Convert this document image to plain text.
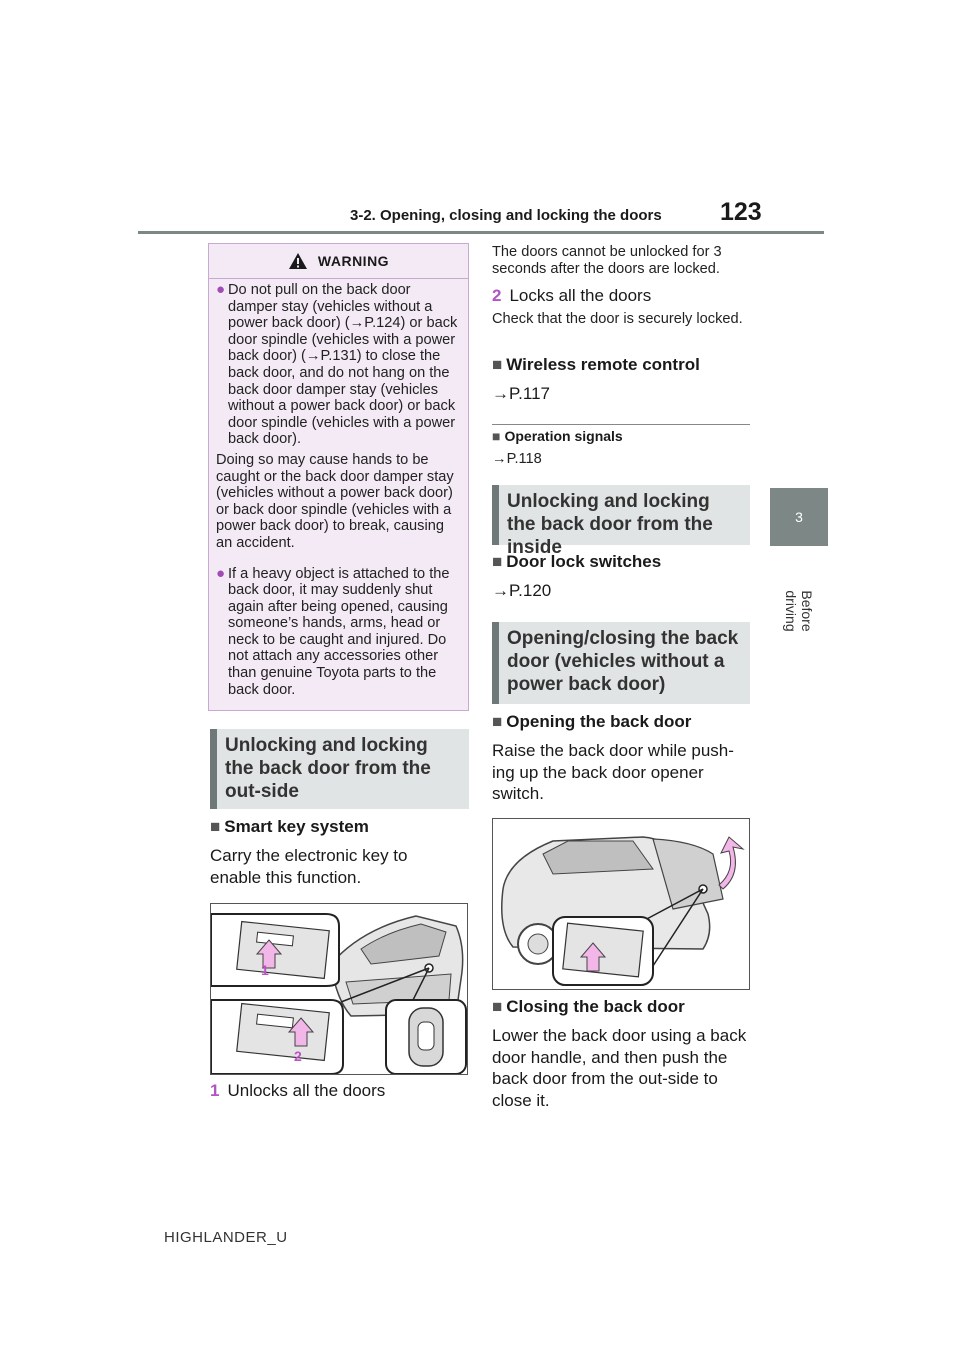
3-2. Opening, closing and locking the doors 123
3
Before driving
WARNING
● Do not pull on the back door damper stay (vehicles without a power back door) (→P.124) or back door spindle (vehicles with a power back door) (→P.131) to close the back door, and do not hang on the back door damper stay (vehicles without a power back door) or back door spindle (vehicles with a power back door).
Doing so may cause hands to be caught or the back door damper stay (vehicles without a power back door) or back door spindle (vehicles with a power back door) to break, causing an accident.
● If a heavy object is attached to the back door, it may suddenly shut again after being opened, causing someone’s hands, arms, head or neck to be caught and injured. Do not attach any accessories other than genuine Toyota parts to the back door.
Unlocking and locking the back door from the out-side
■ Smart key system
Carry the electronic key to enable this function.
1
2
1 Unlocks all the doors
The doors cannot be unlocked for 3 seconds after the doors are locked.
2 Locks all the doors
Check that the door is securely locked.
■ Wireless remote control
→P.117
■ Operation signals
→P.118
Unlocking and locking the back door from the inside
■ Door lock switches
→P.120
Opening/closing the back door (vehicles without a power back door)
■ Opening the back door
Raise the back door while push-ing up the back door opener switch.
■ Closing the back door
Lower the back door using a back door handle, and then push the back door from the out-side to close it.
HIGHLANDER_U
